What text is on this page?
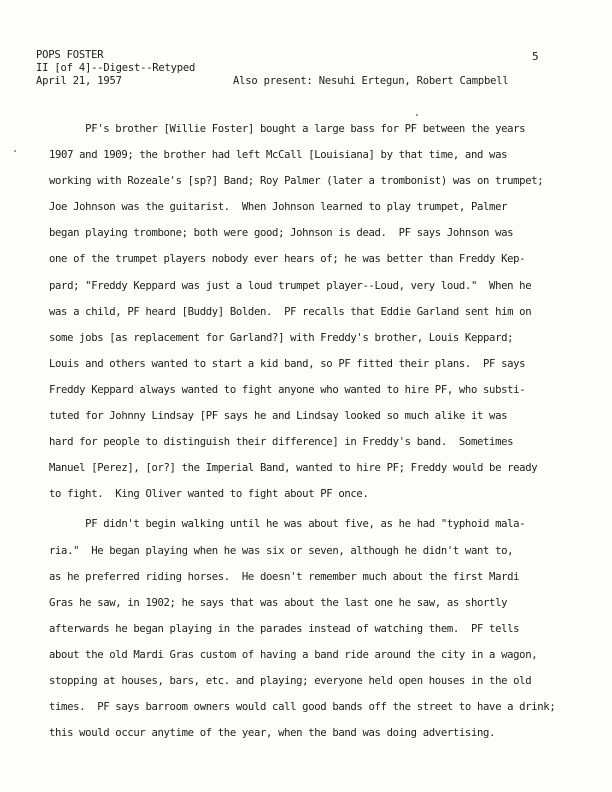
POPS FOSTER
II [of 4]--Digest--Retyped
April 21, 1957	Also present: Nesuhi Ertegun, Robert Campbell
5
PF's brother [Willie Foster] bought a large bass for PF between the years
1907 and 1909; the brother had left McCall [Louisiana] by that time, and was
working with Rozeale's [sp?] Band; Roy Palmer (later a trombonist) was on trumpet;
Joe Johnson was the guitarist.  When Johnson learned to play trumpet, Palmer
began playing trombone; both were good; Johnson is dead.  PF says Johnson was
one of the trumpet players nobody ever hears of; he was better than Freddy Kep-
pard; "Freddy Keppard was just a loud trumpet player--Loud, very loud."  When he
was a child, PF heard [Buddy] Bolden.  PF recalls that Eddie Garland sent him on
some jobs [as replacement for Garland?] with Freddy's brother, Louis Keppard;
Louis and others wanted to start a kid band, so PF fitted their plans.  PF says
Freddy Keppard always wanted to fight anyone who wanted to hire PF, who substi-
tuted for Johnny Lindsay [PF says he and Lindsay looked so much alike it was
hard for people to distinguish their difference] in Freddy's band.  Sometimes
Manuel [Perez], [or?] the Imperial Band, wanted to hire PF; Freddy would be ready
to fight.  King Oliver wanted to fight about PF once.
PF didn't begin walking until he was about five, as he had "typhoid mala-
ria."  He began playing when he was six or seven, although he didn't want to,
as he preferred riding horses.  He doesn't remember much about the first Mardi
Gras he saw, in 1902; he says that was about the last one he saw, as shortly
afterwards he began playing in the parades instead of watching them.  PF tells
about the old Mardi Gras custom of having a band ride around the city in a wagon,
stopping at houses, bars, etc. and playing; everyone held open houses in the old
times.  PF says barroom owners would call good bands off the street to have a drink;
this would occur anytime of the year, when the band was doing advertising.
